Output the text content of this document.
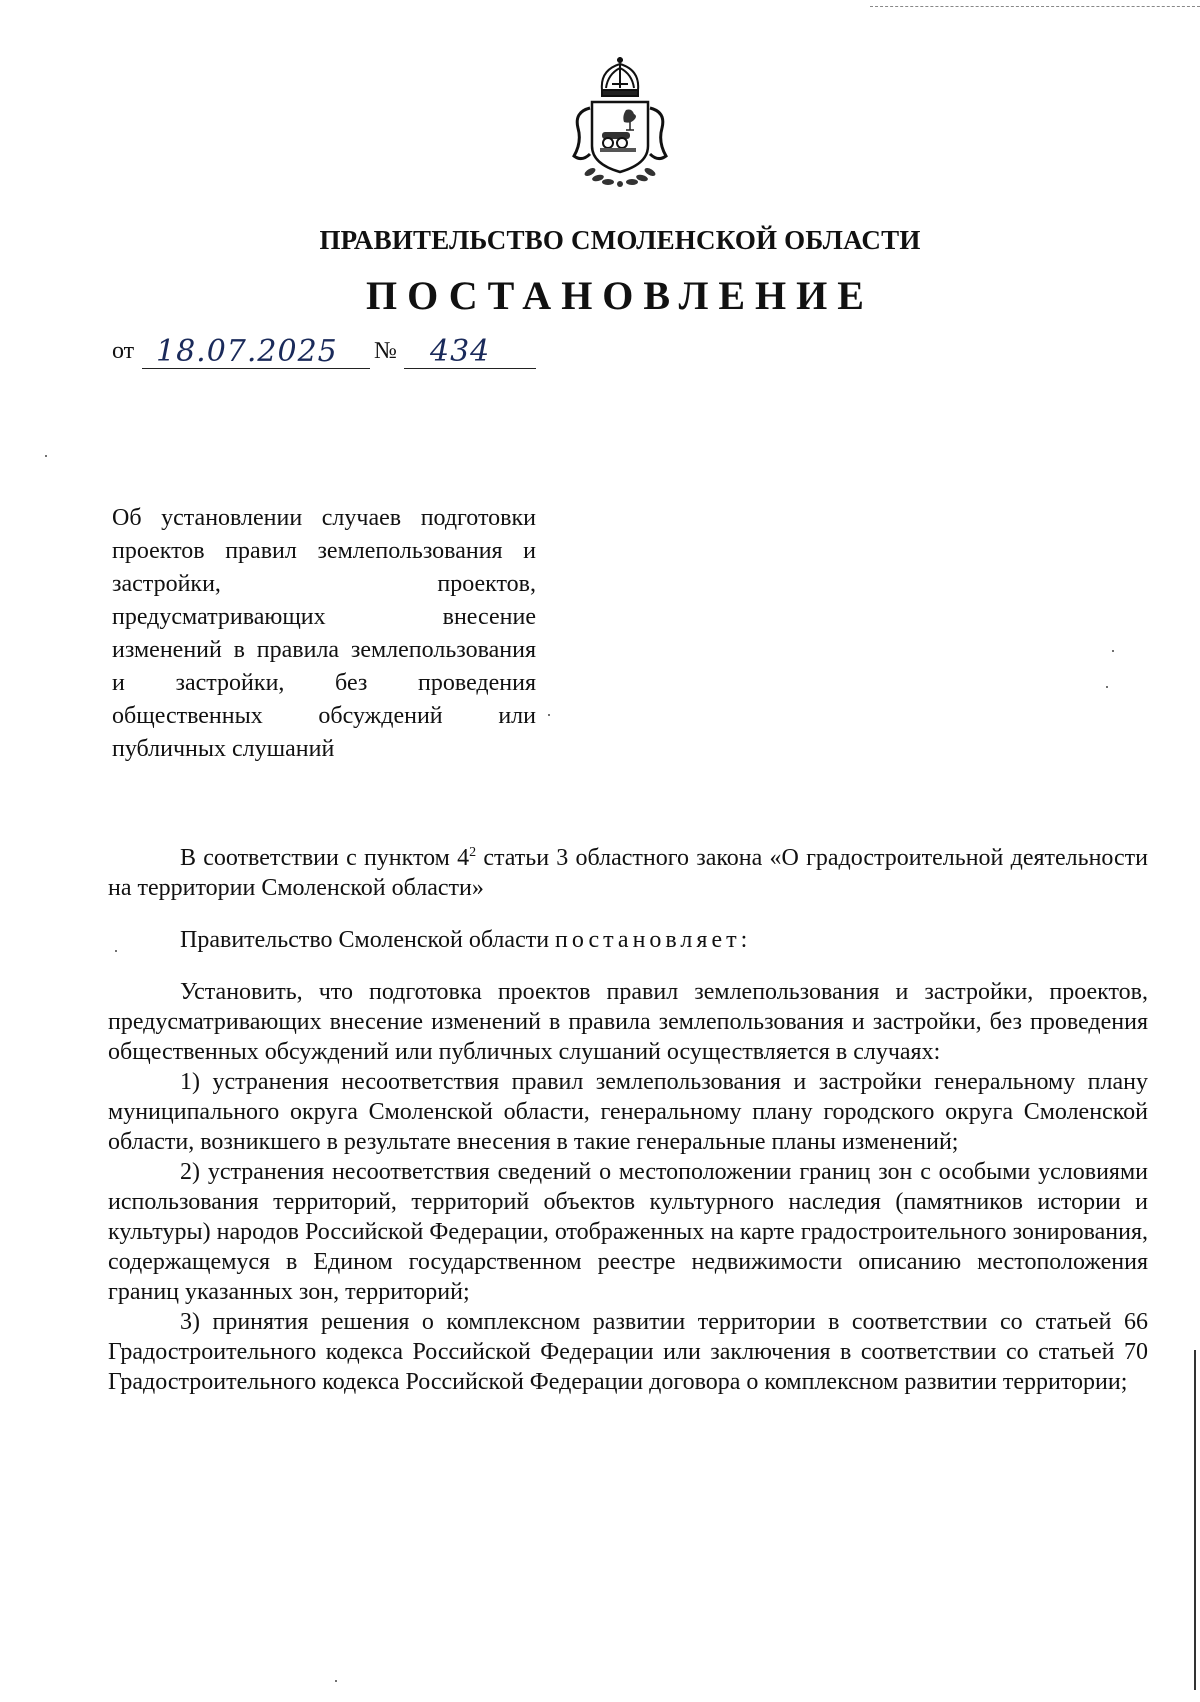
ПРАВИТЕЛЬСТВО СМОЛЕНСКОЙ ОБЛАСТИ
ПОСТАНОВЛЕНИЕ
от 18.07.2025 № 434
Об установлении случаев подготовки проектов правил землепользования и застройки, проектов, предусматривающих внесение изменений в правила землепользования и застройки, без проведения общественных обсуждений или публичных слушаний

В соответствии с пунктом $4^2$ статьи 3 областного закона «О градостроительной деятельности на территории Смоленской области»

Правительство Смоленской области постановляет:

Установить, что подготовка проектов правил землепользования и застройки, проектов, предусматривающих внесение изменений в правила землепользования и застройки, без проведения общественных обсуждений или публичных слушаний осуществляется в случаях:

1) устранения несоответствия правил землепользования и застройки генеральному плану муниципального округа Смоленской области, генеральному плану городского округа Смоленской области, возникшего в результате внесения в такие генеральные планы изменений;

2) устранения несоответствия сведений о местоположении границ зон с особыми условиями использования территорий, территорий объектов культурного наследия (памятников истории и культуры) народов Российской Федерации, отображенных на карте градостроительного зонирования, содержащемуся в Едином государственном реестре недвижимости описанию местоположения границ указанных зон, территорий;

3) принятия решения о комплексном развитии территории в соответствии со статьей 66 Градостроительного кодекса Российской Федерации или заключения в соответствии со статьей 70 Градостроительного кодекса Российской Федерации договора о комплексном развитии территории;
